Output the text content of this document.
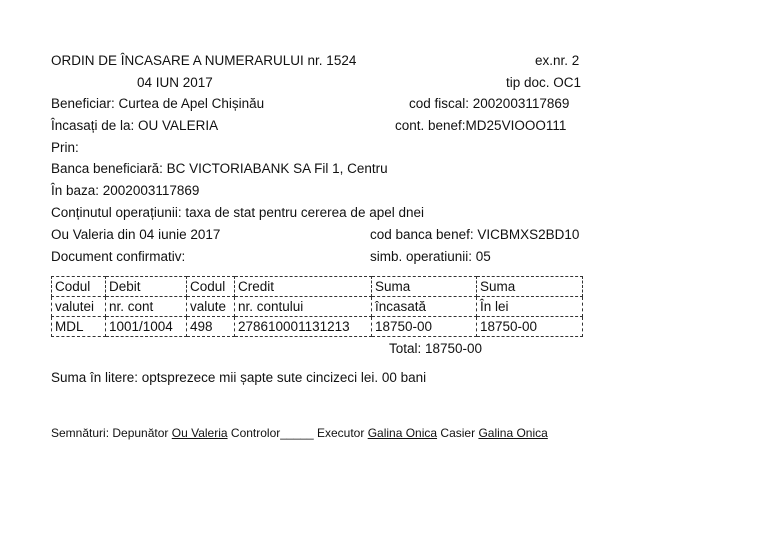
ORDIN DE ÎNCASARE A NUMERARULUI nr. 1524	ex.nr. 2
04 IUN 2017	tip doc. OC1
Beneficiar: Curtea de Apel Chișinău	cod fiscal: 2002003117869
Încasați de la: OU VALERIA	cont. benef:MD25VIOOO111
Prin:
Banca beneficiară: BC VICTORIABANK SA Fil 1, Centru
În baza: 2002003117869
Conținutul operațiunii: taxa de stat pentru cererea de apel dnei
Ou Valeria din 04 iunie 2017	cod banca benef: VICBMXS2BD10
Document confirmativ:	simb. operatiunii: 05
Codul	Debit	Codul	Credit	Suma	Suma
valutei	nr. cont	valute	nr. contului	încasată	În lei
MDL	1001/1004	498	278610001131213	18750-00	18750-00
Total: 18750-00
Suma în litere: optsprezece mii șapte sute cincizeci lei. 00 bani
Semnături: Depunător Ou Valeria Controlor_____ Executor Galina Onica Casier Galina Onica
